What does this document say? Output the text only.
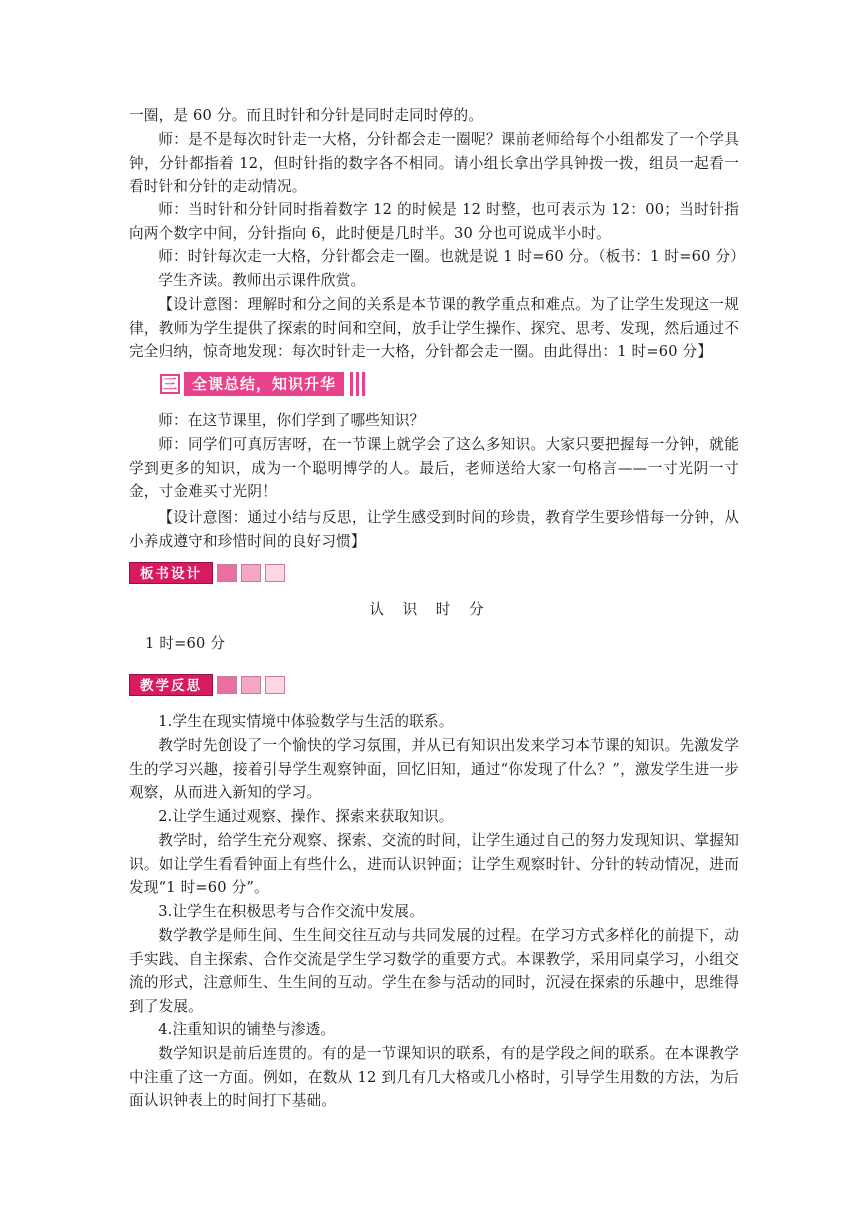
一圈，是 60 分。而且时针和分针是同时走同时停的。
师：是不是每次时针走一大格，分针都会走一圈呢？课前老师给每个小组都发了一个学具钟，分针都指着 12，但时针指的数字各不相同。请小组长拿出学具钟拨一拨，组员一起看一看时针和分针的走动情况。
师：当时针和分针同时指着数字 12 的时候是 12 时整，也可表示为 12：00；当时针指向两个数字中间，分针指向 6，此时便是几时半。30 分也可说成半小时。
师：时针每次走一大格，分针都会走一圈。也就是说 1 时=60 分。（板书：1 时=60 分）
学生齐读。教师出示课件欣赏。
【设计意图：理解时和分之间的关系是本节课的教学重点和难点。为了让学生发现这一规律，教师为学生提供了探索的时间和空间，放手让学生操作、探究、思考、发现，然后通过不完全归纳，惊奇地发现：每次时针走一大格，分针都会走一圈。由此得出：1 时=60 分】
三	全课总结，知识升华
师：在这节课里，你们学到了哪些知识？
师：同学们可真厉害呀，在一节课上就学会了这么多知识。大家只要把握每一分钟，就能学到更多的知识，成为一个聪明博学的人。最后，老师送给大家一句格言——一寸光阴一寸金，寸金难买寸光阴！
【设计意图：通过小结与反思，让学生感受到时间的珍贵，教育学生要珍惜每一分钟，从小养成遵守和珍惜时间的良好习惯】
板书设计
认 识 时 分
1 时=60 分
教学反思
1.学生在现实情境中体验数学与生活的联系。
教学时先创设了一个愉快的学习氛围，并从已有知识出发来学习本节课的知识。先激发学生的学习兴趣，接着引导学生观察钟面，回忆旧知，通过“你发现了什么？”，激发学生进一步观察，从而进入新知的学习。
2.让学生通过观察、操作、探索来获取知识。
教学时，给学生充分观察、探索、交流的时间，让学生通过自己的努力发现知识、掌握知识。如让学生看看钟面上有些什么，进而认识钟面；让学生观察时针、分针的转动情况，进而发现“1 时=60 分”。
3.让学生在积极思考与合作交流中发展。
数学教学是师生间、生生间交往互动与共同发展的过程。在学习方式多样化的前提下，动手实践、自主探索、合作交流是学生学习数学的重要方式。本课教学，采用同桌学习，小组交流的形式，注意师生、生生间的互动。学生在参与活动的同时，沉浸在探索的乐趣中，思维得到了发展。
4.注重知识的铺垫与渗透。
数学知识是前后连贯的。有的是一节课知识的联系，有的是学段之间的联系。在本课教学中注重了这一方面。例如，在数从 12 到几有几大格或几小格时，引导学生用数的方法，为后面认识钟表上的时间打下基础。
